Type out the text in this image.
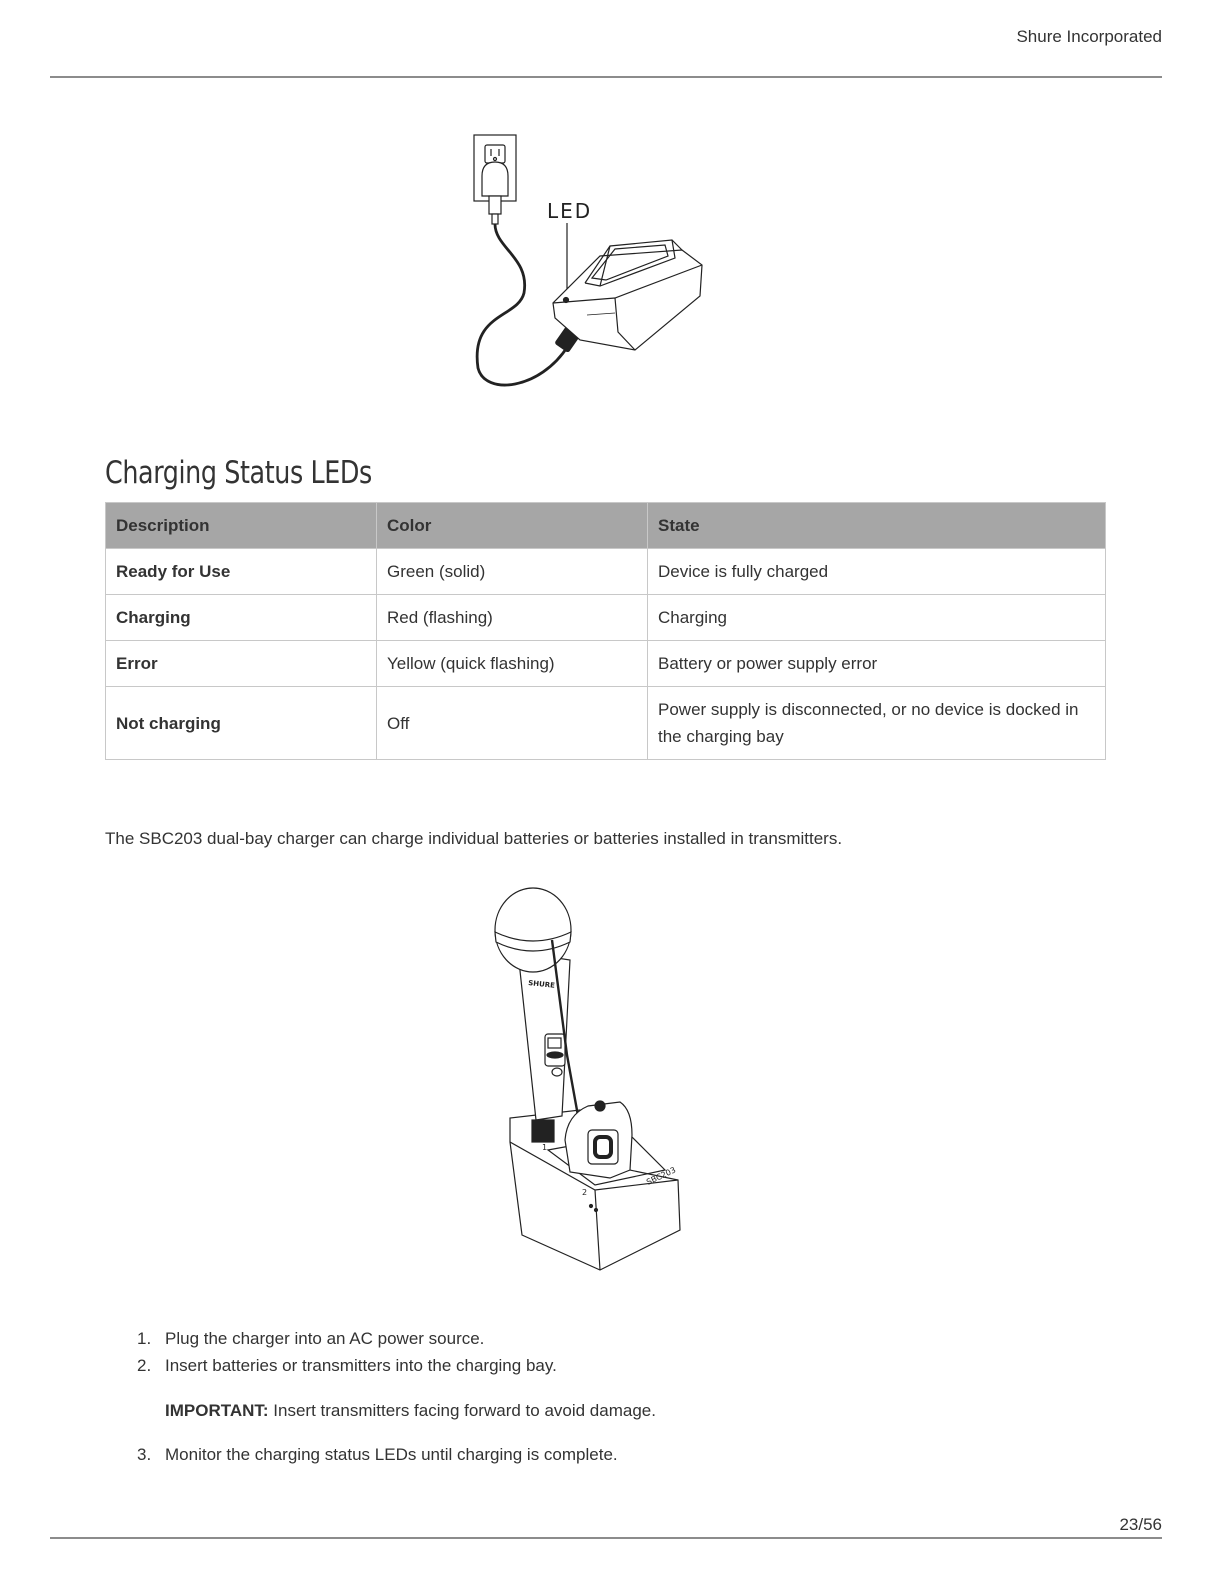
Shure Incorporated
LED
Charging Status LEDs
Description	Color	State
Ready for Use	Green (solid)	Device is fully charged
Charging	Red (flashing)	Charging
Error	Yellow (quick flashing)	Battery or power supply error
Not charging	Off	Power supply is disconnected, or no device is docked in the charging bay

The SBC203 dual-bay charger can charge individual batteries or batteries installed in transmitters.

2
1
SBC203
SHURE
1. Plug the charger into an AC power source.
2. Insert batteries or transmitters into the charging bay.
IMPORTANT: Insert transmitters facing forward to avoid damage.
3. Monitor the charging status LEDs until charging is complete.
23/56
